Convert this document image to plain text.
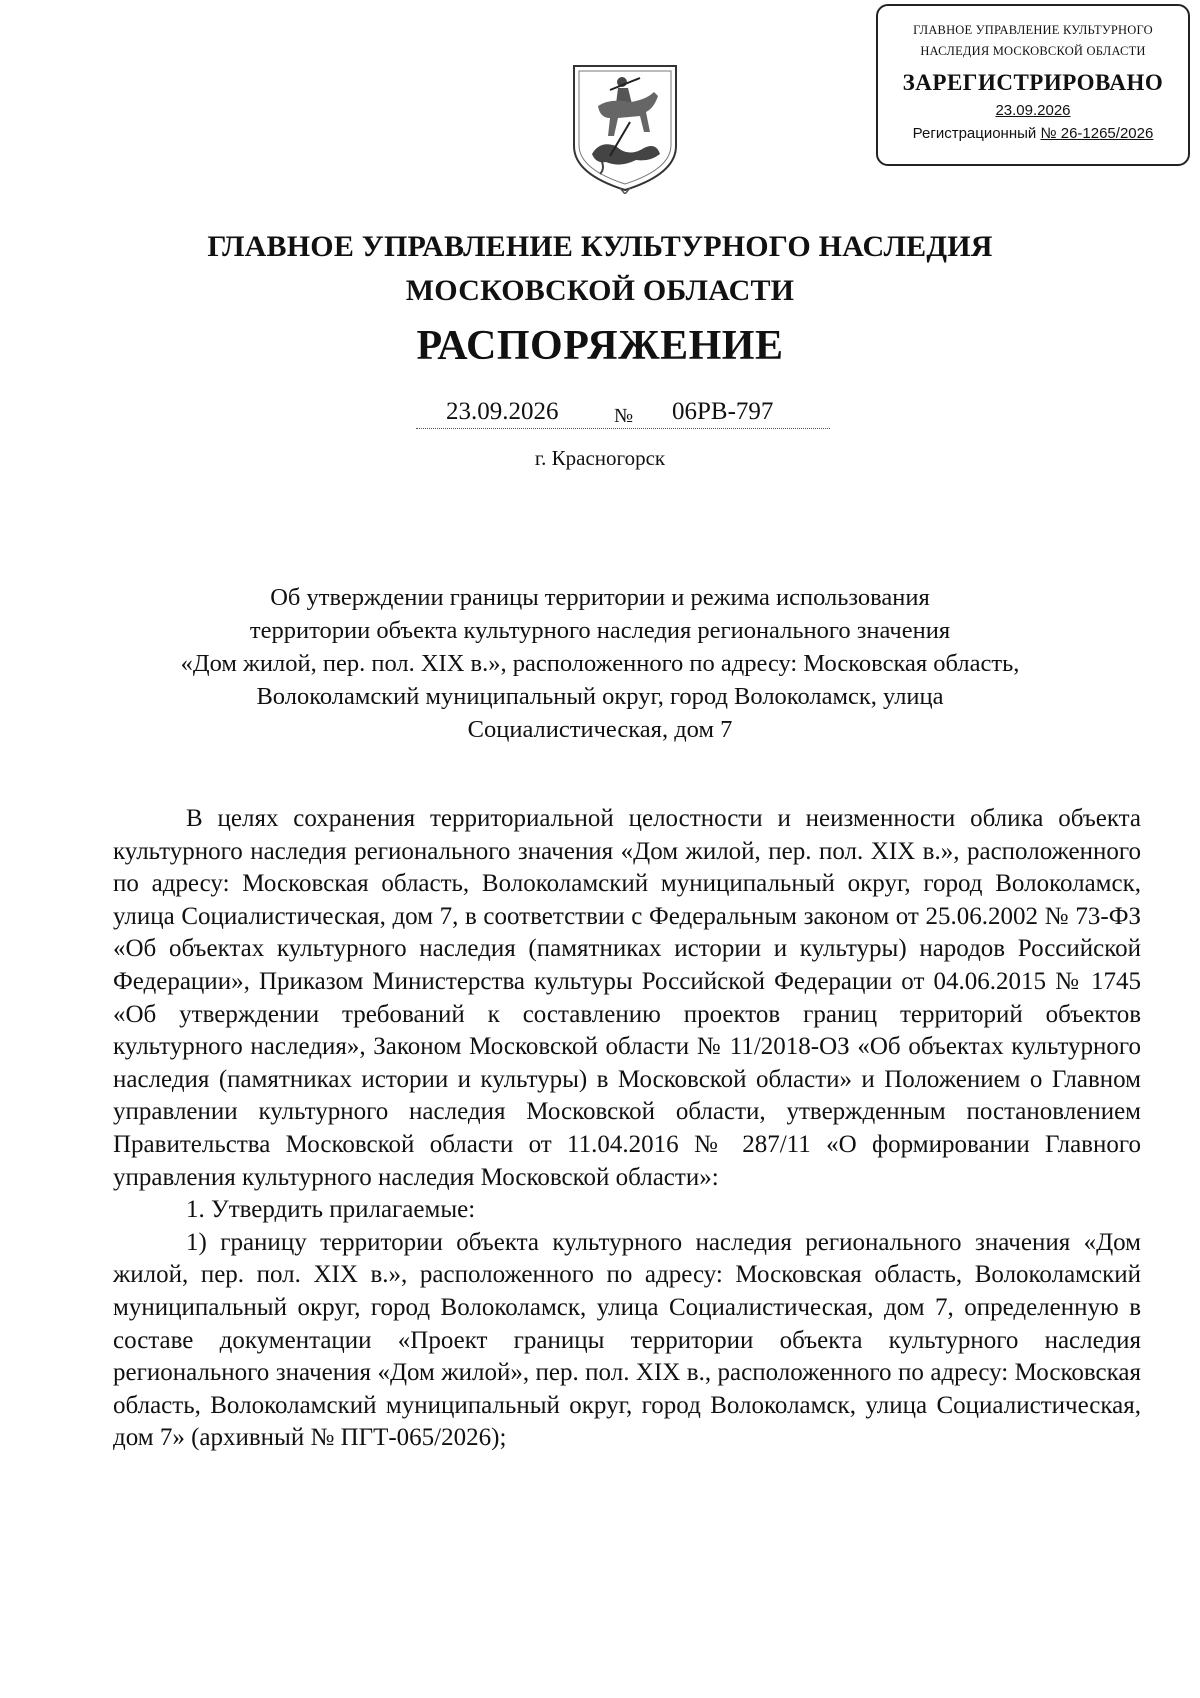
ГЛАВНОЕ УПРАВЛЕНИЕ КУЛЬТУРНОГО
НАСЛЕДИЯ МОСКОВСКОЙ ОБЛАСТИ
ЗАРЕГИСТРИРОВАНО
23.09.2026
Регистрационный № 26-1265/2026
ГЛАВНОЕ УПРАВЛЕНИЕ КУЛЬТУРНОГО НАСЛЕДИЯ
МОСКОВСКОЙ ОБЛАСТИ
РАСПОРЯЖЕНИЕ
23.09.2026	№ 06РВ-797
г. Красногорск
Об утверждении границы территории и режима использования
территории объекта культурного наследия регионального значения
«Дом жилой, пер. пол. XIX в.», расположенного по адресу: Московская область,
Волоколамский муниципальный округ, город Волоколамск, улица
Социалистическая, дом 7

В целях сохранения территориальной целостности и неизменности облика объекта культурного наследия регионального значения «Дом жилой, пер. пол. XIX в.», расположенного по адресу: Московская область, Волоколамский муниципальный округ, город Волоколамск, улица Социалистическая, дом 7, в соответствии с Федеральным законом от 25.06.2002 № 73-ФЗ «Об объектах культурного наследия (памятниках истории и культуры) народов Российской Федерации», Приказом Министерства культуры Российской Федерации от 04.06.2015 № 1745 «Об утверждении требований к составлению проектов границ территорий объектов культурного наследия», Законом Московской области № 11/2018-ОЗ «Об объектах культурного наследия (памятниках истории и культуры) в Московской области» и Положением о Главном управлении культурного наследия Московской области, утвержденным постановлением Правительства Московской области от 11.04.2016 № 287/11 «О формировании Главного управления культурного наследия Московской области»:

1. Утвердить прилагаемые:

1) границу территории объекта культурного наследия регионального значения «Дом жилой, пер. пол. XIX в.», расположенного по адресу: Московская область, Волоколамский муниципальный округ, город Волоколамск, улица Социалистическая, дом 7, определенную в составе документации «Проект границы территории объекта культурного наследия регионального значения «Дом жилой», пер. пол. XIX в., расположенного по адресу: Московская область, Волоколамский муниципальный округ, город Волоколамск, улица Социалистическая, дом 7» (архивный № ПГТ-065/2026);
